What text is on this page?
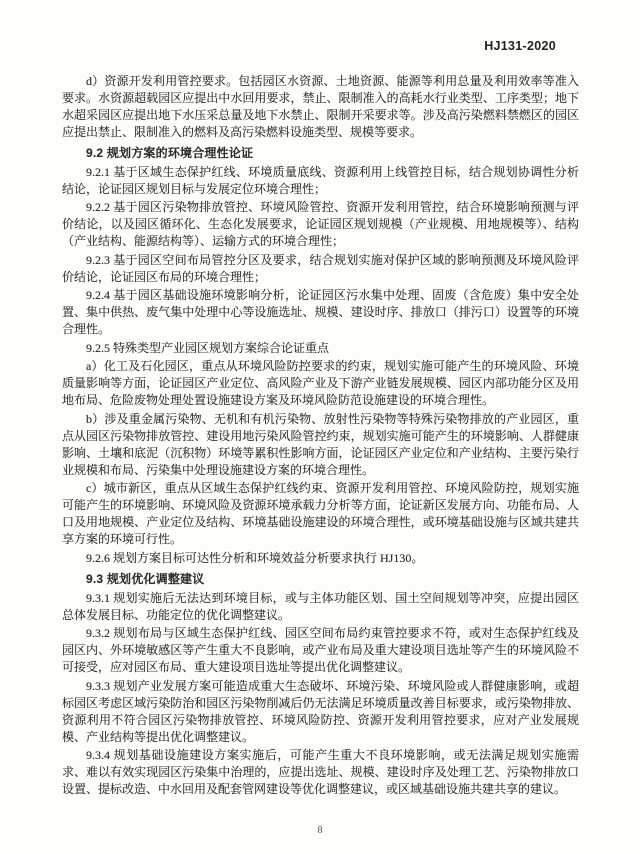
HJ131-2020
d）资源开发利用管控要求。包括园区水资源、土地资源、能源等利用总量及利用效率等准入要求。水资源超载园区应提出中水回用要求，禁止、限制准入的高耗水行业类型、工序类型；地下水超采园区应提出地下水压采总量及地下水禁止、限制开采要求等。涉及高污染燃料禁燃区的园区应提出禁止、限制准入的燃料及高污染燃料设施类型、规模等要求。
9.2 规划方案的环境合理性论证
9.2.1 基于区域生态保护红线、环境质量底线、资源利用上线管控目标，结合规划协调性分析结论，论证园区规划目标与发展定位环境合理性；
9.2.2 基于园区污染物排放管控、环境风险管控、资源开发利用管控，结合环境影响预测与评价结论，以及园区循环化、生态化发展要求，论证园区规划规模（产业规模、用地规模等）、结构（产业结构、能源结构等）、运输方式的环境合理性；
9.2.3 基于园区空间布局管控分区及要求，结合规划实施对保护区域的影响预测及环境风险评价结论，论证园区布局的环境合理性；
9.2.4 基于园区基础设施环境影响分析，论证园区污水集中处理、固废（含危废）集中安全处置、集中供热、废气集中处理中心等设施选址、规模、建设时序、排放口（排污口）设置等的环境合理性。
9.2.5 特殊类型产业园区规划方案综合论证重点
a）化工及石化园区，重点从环境风险防控要求的约束，规划实施可能产生的环境风险、环境质量影响等方面，论证园区产业定位、高风险产业及下游产业链发展规模、园区内部功能分区及用地布局、危险废物处理处置设施建设方案及环境风险防范设施建设的环境合理性。
b）涉及重金属污染物、无机和有机污染物、放射性污染物等特殊污染物排放的产业园区，重点从园区污染物排放管控、建设用地污染风险管控约束，规划实施可能产生的环境影响、人群健康影响、土壤和底泥（沉积物）环境等累积性影响方面，论证园区产业定位和产业结构、主要污染行业规模和布局、污染集中处理设施建设方案的环境合理性。
c）城市新区，重点从区域生态保护红线约束、资源开发利用管控、环境风险防控，规划实施可能产生的环境影响、环境风险及资源环境承载力分析等方面，论证新区发展方向、功能布局、人口及用地规模、产业定位及结构、环境基础设施建设的环境合理性，或环境基础设施与区域共建共享方案的环境可行性。
9.2.6 规划方案目标可达性分析和环境效益分析要求执行 HJ130。
9.3 规划优化调整建议
9.3.1 规划实施后无法达到环境目标，或与主体功能区划、国土空间规划等冲突，应提出园区总体发展目标、功能定位的优化调整建议。
9.3.2 规划布局与区域生态保护红线、园区空间布局约束管控要求不符，或对生态保护红线及园区内、外环境敏感区等产生重大不良影响，或产业布局及重大建设项目选址等产生的环境风险不可接受，应对园区布局、重大建设项目选址等提出优化调整建议。
9.3.3 规划产业发展方案可能造成重大生态破坏、环境污染、环境风险或人群健康影响，或超标园区考虑区域污染防治和园区污染物削减后仍无法满足环境质量改善目标要求，或污染物排放、资源利用不符合园区污染物排放管控、环境风险防控、资源开发利用管控要求，应对产业发展规模、产业结构等提出优化调整建议。
9.3.4 规划基础设施建设方案实施后，可能产生重大不良环境影响，或无法满足规划实施需求、难以有效实现园区污染集中治理的，应提出选址、规模、建设时序及处理工艺、污染物排放口设置、提标改造、中水回用及配套管网建设等优化调整建议，或区域基础设施共建共享的建议。
8
